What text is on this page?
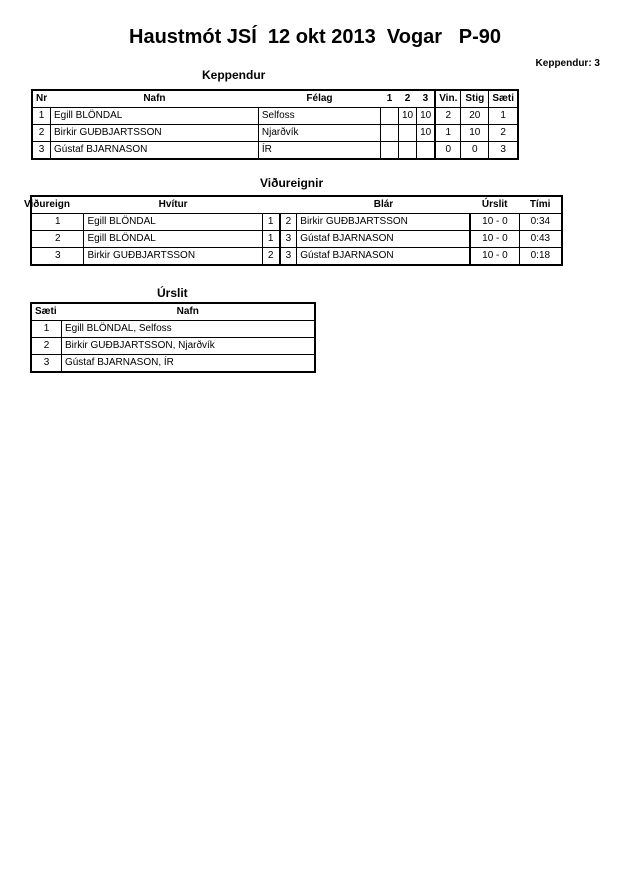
Haustmót JSÍ  12 okt 2013  Vogar   P-90
Keppendur: 3
Keppendur
Nr	Nafn	Félag	1	2	3	Vin.	Stig	Sæti
1	Egill BLÖNDAL	Selfoss		10	10	2	20	1
2	Birkir GUÐBJARTSSON	Njarðvík			10	1	10	2
3	Gústaf BJARNASON	ÍR				0	0	3
Viðureignir
Viðureign	Hvítur			Blár	Úrslit	Tími
1	Egill BLÖNDAL	1	2	Birkir GUÐBJARTSSON	10 - 0	0:34
2	Egill BLÖNDAL	1	3	Gústaf BJARNASON	10 - 0	0:43
3	Birkir GUÐBJARTSSON	2	3	Gústaf BJARNASON	10 - 0	0:18
Úrslit
Sæti	Nafn
1	Egill BLÖNDAL, Selfoss
2	Birkir GUÐBJARTSSON, Njarðvík
3	Gústaf BJARNASON, ÍR
